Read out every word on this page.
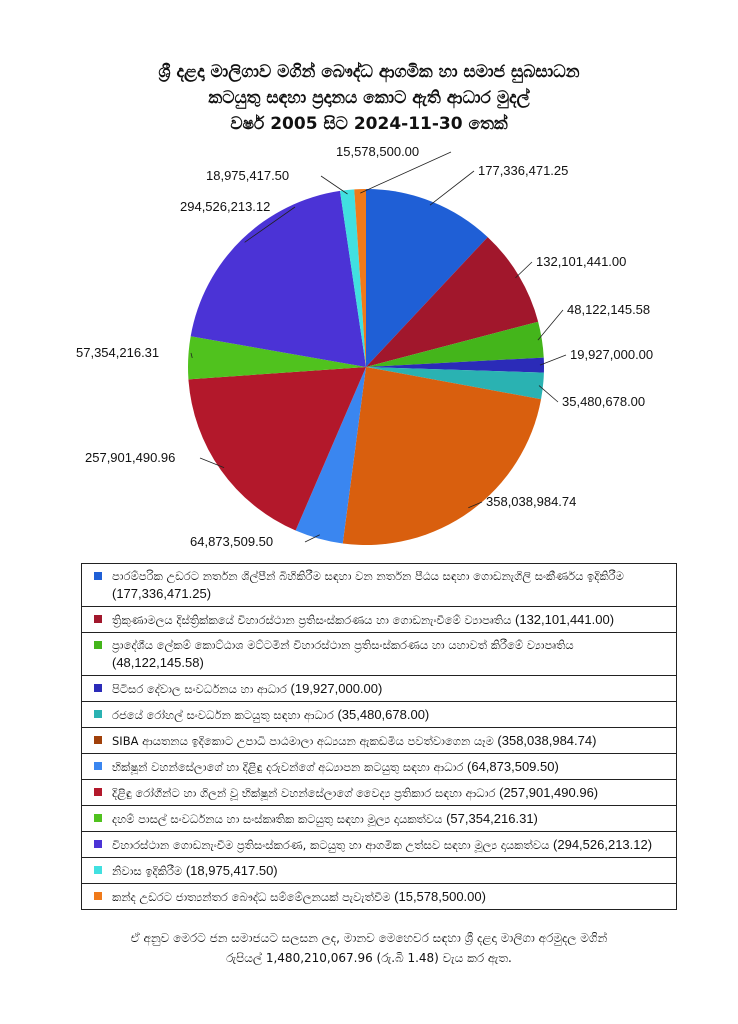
ශ්‍රී දළදා මාලිගාව මගින් බෞද්ධ ආගමික හා සමාජ සුබසාධන
කටයුතු සඳහා ප්‍රදානය කොට ඇති ආධාර මුදල්
වර්ෂ 2005 සිට 2024-11-30 තෙක්
177,336,471.25
132,101,441.00
48,122,145.58
19,927,000.00
35,480,678.00
358,038,984.74
64,873,509.50
257,901,490.96
57,354,216.31
294,526,213.12
18,975,417.50
15,578,500.00
පාරම්පරික උඩරට නර්තන ශිල්පීන් බිහිකිරීම සඳහා වන නර්තන පීඨය සඳහා ගොඩනැගිලි සංකීර්ණය ඉදිකිරීම (177,336,471.25)
ත්‍රිකුණාමලය දිස්ත්‍රික්කයේ විහාරස්ථාන ප්‍රතිසංස්කරණය හා ගොඩනැංවීමේ ව්‍යාපෘතිය (132,101,441.00)
ප්‍රාදේශීය ලේකම් කොට්ඨාශ මට්ටමින් විහාරස්ථාන ප්‍රතිසංස්කරණය හා යහාවත් කිරීමේ ව්‍යාපෘතිය (48,122,145.58)
පිටිසර දේවාල සංවර්ධනය හා ආධාර (19,927,000.00)
රජයේ රෝහල් සංවර්ධන කටයුතු සඳහා ආධාර (35,480,678.00)
SIBA ආයතනය ඉදිකොට උපාධි පාඨමාලා අධ්‍යයන ඇකඩමිය පවත්වාගෙන යෑම (358,038,984.74)
භික්ෂූන් වහන්සේලාගේ හා දිළිඳු දරුවන්ගේ අධ්‍යාපන කටයුතු සඳහා ආධාර (64,873,509.50)
දිළිඳු රෝගීන්ට හා ගිලන් වූ භික්ෂූන් වහන්සේලාගේ වෛද්‍ය ප්‍රතිකාර සඳහා ආධාර (257,901,490.96)
දහම් පාසල් සංවර්ධනය හා සංස්කෘතික කටයුතු සඳහා මූල්‍ය දායකත්වය (57,354,216.31)
විහාරස්ථාන ගොඩනැංවීම ප්‍රතිසංස්කරණ, කටයුතු හා ආගමික උත්සව සඳහා මූල්‍ය දායකත්වය (294,526,213.12)
නිවාස ඉදිකිරීම (18,975,417.50)
කන්ද උඩරට ජාත්‍යන්තර බෞද්ධ සම්මේලනයක් පැවැත්වීම (15,578,500.00)
ඒ අනුව මෙරට ජන සමාජයට සලසන ලද, මානව මෙහෙවර සඳහා ශ්‍රී දළදා මාලිගා අරමුදල මගින්
රුපියල් 1,480,210,067.96 (රු.බි 1.48) වැය කර ඇත.
